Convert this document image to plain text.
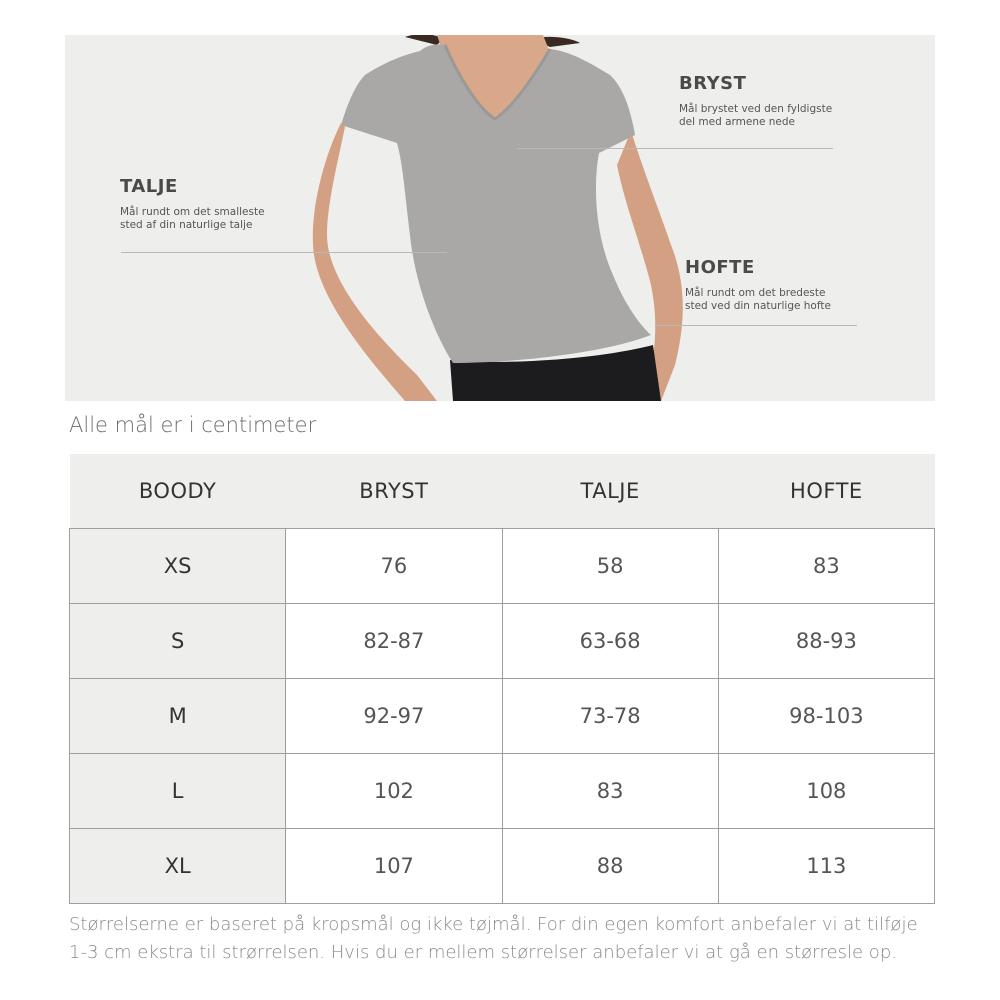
BRYST
Mål brystet ved den fyldigste
del med armene nede
TALJE
Mål rundt om det smalleste
sted af din naturlige talje
HOFTE
Mål rundt om det bredeste
sted ved din naturlige hofte
Alle mål er i centimeter
BOODY	BRYST	TALJE	HOFTE
XS	76	58	83
S	82-87	63-68	88-93
M	92-97	73-78	98-103
L	102	83	108
XL	107	88	113
Størrelserne er baseret på kropsmål og ikke tøjmål. For din egen komfort anbefaler vi at tilføje
1-3 cm ekstra til strørrelsen. Hvis du er mellem størrelser anbefaler vi at gå en størresle op.
